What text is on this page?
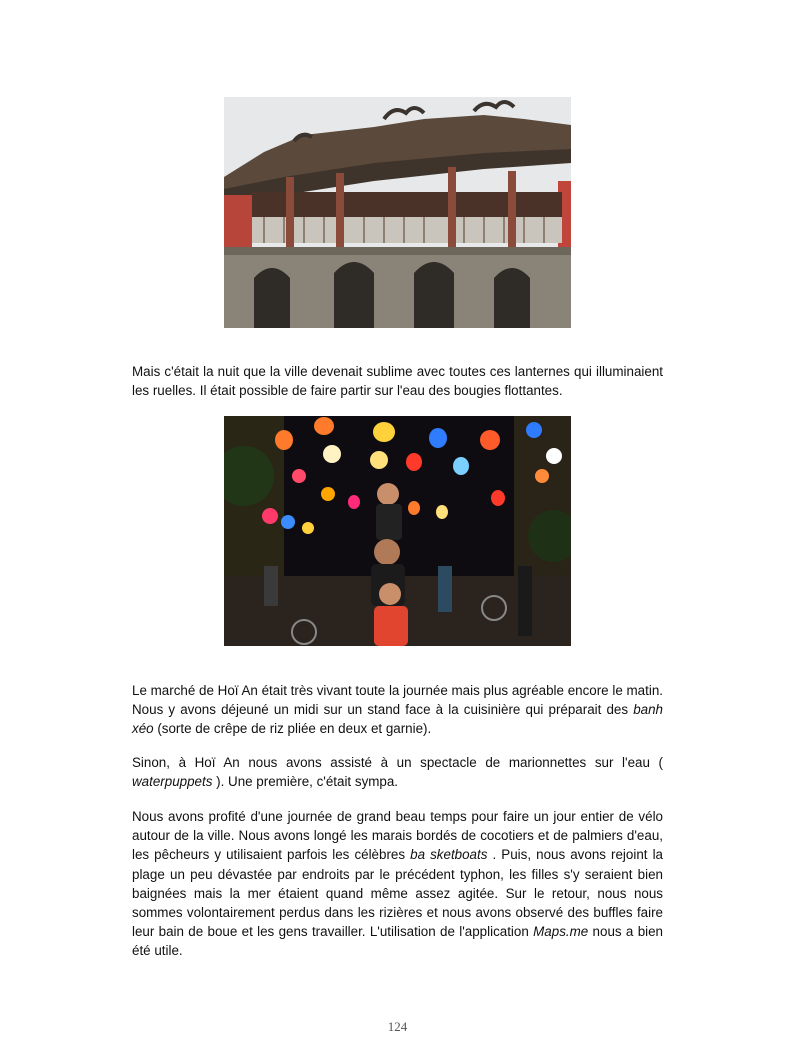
Mais c'était la nuit que la ville devenait sublime avec toutes ces lanternes qui illuminaient les ruelles. Il était possible de faire partir sur l'eau des bougies flottantes.

Le marché de Hoï An était très vivant toute la journée mais plus agréable encore le matin. Nous y avons déjeuné un midi sur un stand face à la cuisinière qui préparait des banh xéo (sorte de crêpe de riz pliée en deux et garnie).

Sinon, à Hoï An nous avons assisté à un spectacle de marionnettes sur l'eau ( waterpuppets ). Une première, c'était sympa.

Nous avons profité d'une journée de grand beau temps pour faire un jour entier de vélo autour de la ville. Nous avons longé les marais bordés de cocotiers et de palmiers d'eau, les pêcheurs y utilisaient parfois les célèbres ba sketboats . Puis, nous avons rejoint la plage un peu dévastée par endroits par le précédent typhon, les filles s'y seraient bien baignées mais la mer étaient quand même assez agitée. Sur le retour, nous nous sommes volontairement perdus dans les rizières et nous avons observé des buffles faire leur bain de boue et les gens travailler. L'utilisation de l'application Maps.me nous a bien été utile.

124
